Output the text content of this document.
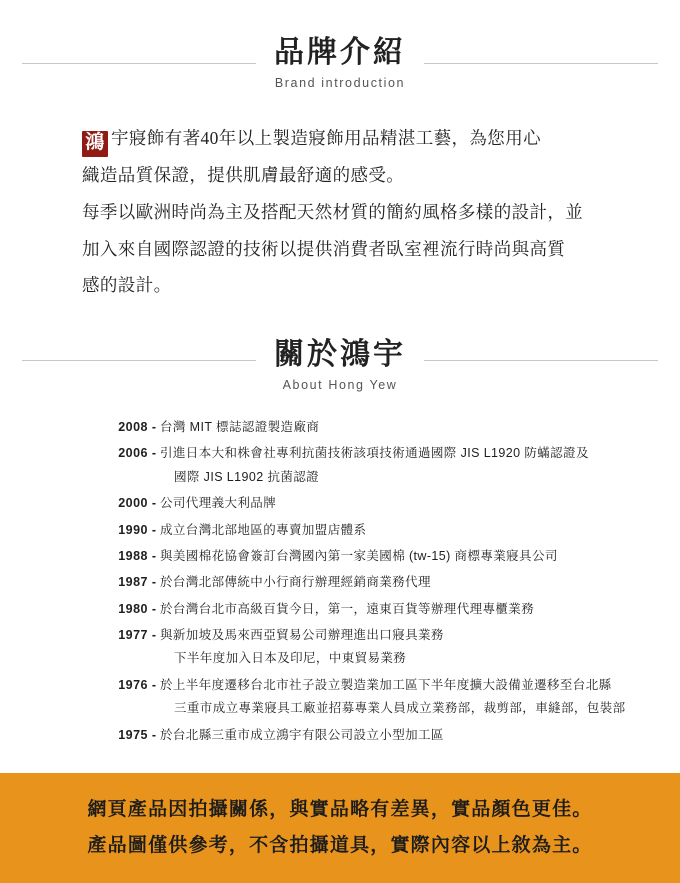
品牌介紹
Brand introduction

鴻 宇寢飾有著40年以上製造寢飾用品精湛工藝，為您用心

織造品質保證，提供肌膚最舒適的感受。

每季以歐洲時尚為主及搭配天然材質的簡約風格多樣的設計，並

加入來自國際認證的技術以提供消費者臥室裡流行時尚與高質

感的設計。

關於鴻宇
About Hong Yew
2008 - 台灣 MIT 標誌認證製造廠商
2006 - 引進日本大和株會社專利抗菌技術該項技術通過國際 JIS L1920 防蟎認證及
國際 JIS L1902 抗菌認證
2000 - 公司代理義大利品牌
1990 - 成立台灣北部地區的專賣加盟店體系
1988 - 與美國棉花協會簽訂台灣國內第一家美國棉 (tw-15) 商標專業寢具公司
1987 - 於台灣北部傳統中小行商行辦理經銷商業務代理
1980 - 於台灣台北市高級百貨今日，第一，遠東百貨等辦理代理專櫃業務
1977 - 與新加坡及馬來西亞貿易公司辦理進出口寢具業務
下半年度加入日本及印尼，中東貿易業務
1976 - 於上半年度遷移台北市社子設立製造業加工區下半年度擴大設備並遷移至台北縣
三重市成立專業寢具工廠並招募專業人員成立業務部，裁剪部，車縫部，包裝部
1975 - 於台北縣三重市成立鴻宇有限公司設立小型加工區
網頁產品因拍攝關係，與實品略有差異，實品顏色更佳。
產品圖僅供參考，不含拍攝道具，實際內容以上敘為主。
